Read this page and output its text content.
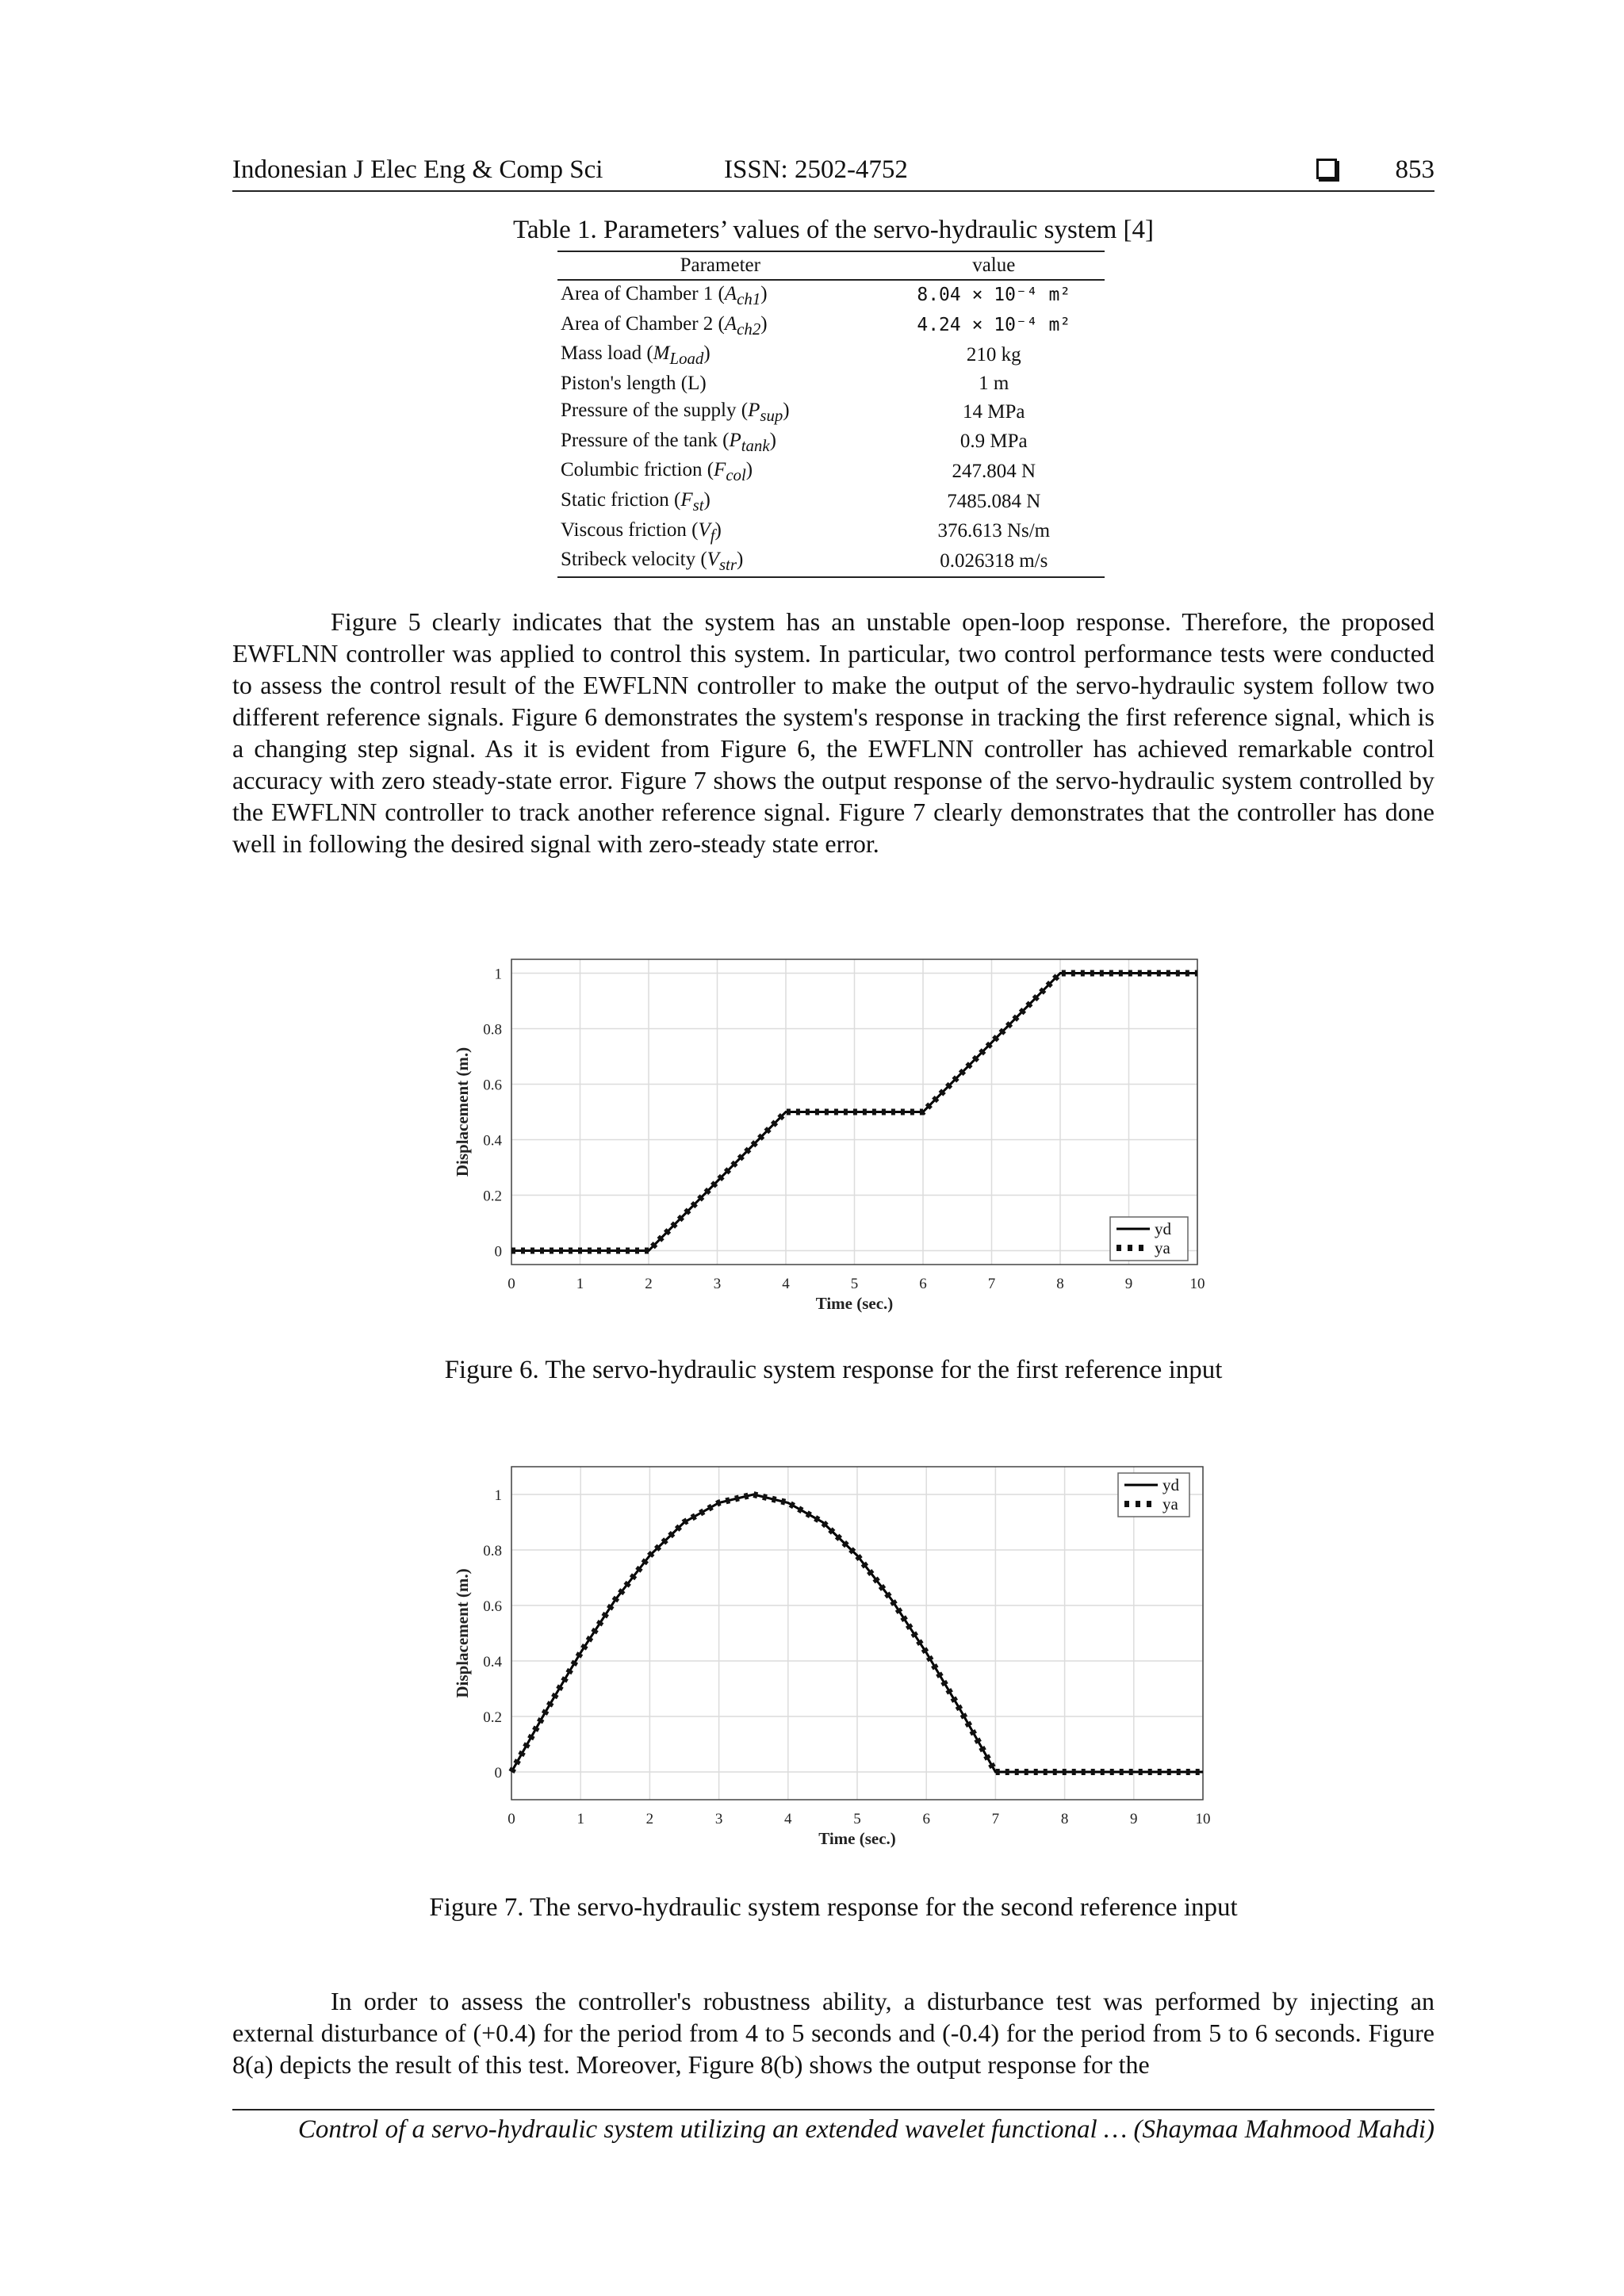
Indonesian J Elec Eng & Comp Sci	ISSN: 2502-4752	853
Table 1. Parameters’ values of the servo-hydraulic system [4]
Parameter	value
Area of Chamber 1 $(A_{ch1})$	8.04 × 10⁻⁴ m²
Area of Chamber 2 $(A_{ch2})$	4.24 × 10⁻⁴ m²
Mass load $(M_{Load})$	210 kg
Piston's length (L)	1 m
Pressure of the supply $(P_{sup})$	14 MPa
Pressure of the tank $(P_{tank})$	0.9 MPa
Columbic friction $(F_{col})$	247.804 N
Static friction $(F_{st})$	7485.084 N
Viscous friction $(V_f)$	376.613 Ns/m
Stribeck velocity $(V_{str})$	0.026318 m/s
Figure 5 clearly indicates that the system has an unstable open-loop response. Therefore, the proposed EWFLNN controller was applied to control this system. In particular, two control performance tests were conducted to assess the control result of the EWFLNN controller to make the output of the servo-hydraulic system follow two different reference signals. Figure 6 demonstrates the system's response in tracking the first reference signal, which is a changing step signal. As it is evident from Figure 6, the EWFLNN controller has achieved remarkable control accuracy with zero steady-state error. Figure 7 shows the output response of the servo-hydraulic system controlled by the EWFLNN controller to track another reference signal. Figure 7 clearly demonstrates that the controller has done well in following the desired signal with zero-steady state error.
0	1	2	3	4	5	6	7	8	9	10
0
0.2
0.4
0.6
0.8
1
Time (sec.)
Displacement (m.)
yd
ya
Figure 6. The servo-hydraulic system response for the first reference input
0	1	2	3	4	5	6	7	8	9	10
0
0.2
0.4
0.6
0.8
1
Time (sec.)
Displacement (m.)
yd
ya
Figure 7. The servo-hydraulic system response for the second reference input
In order to assess the controller's robustness ability, a disturbance test was performed by injecting an external disturbance of (+0.4) for the period from 4 to 5 seconds and (-0.4) for the period from 5 to 6 seconds. Figure 8(a) depicts the result of this test. Moreover, Figure 8(b) shows the output response for the
Control of a servo-hydraulic system utilizing an extended wavelet functional … (Shaymaa Mahmood Mahdi)
